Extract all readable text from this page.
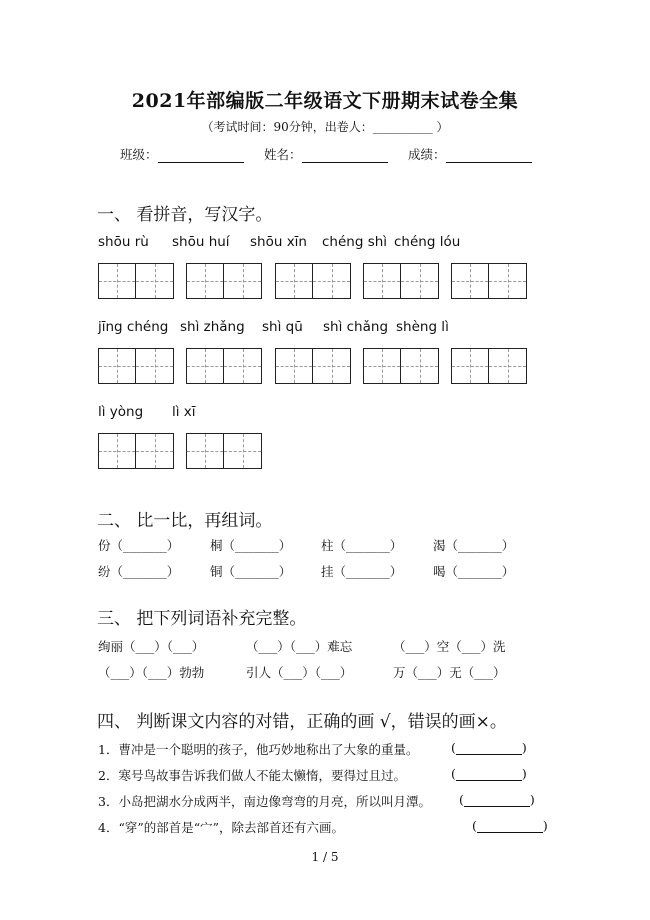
2021年部编版二年级语文下册期末试卷全集
（考试时间：90分钟，出卷人：__________ ）
班级：	姓名：	成绩：
一、 看拼音，写汉字。
shōu rù shōu huí shōu xīn chéng shì chéng lóu
jīng chéng shì zhǎng shì qū shì chǎng shèng lì
lì yòng lì xī
二、 比一比，再组词。
份（_______） 桐（_______） 柱（_______） 渴（_______）
纷（_______） 铜（_______） 挂（_______） 喝（_______）
三、 把下列词语补充完整。
绚丽（___）（___）	（___）（___）难忘	（___）空（___）洗
（___）（___）勃勃	引人（___）（___）	万（___）无（___）
四、 判断课文内容的对错，正确的画 √，错误的画×。
1．曹冲是一个聪明的孩子，他巧妙地称出了大象的重量。	(	)
2．寒号鸟故事告诉我们做人不能太懒惰，要得过且过。	(	)
3．小岛把湖水分成两半，南边像弯弯的月亮，所以叫月潭。 (	)
4．“穿”的部首是“宀”，除去部首还有六画。	(	)
1 / 5
